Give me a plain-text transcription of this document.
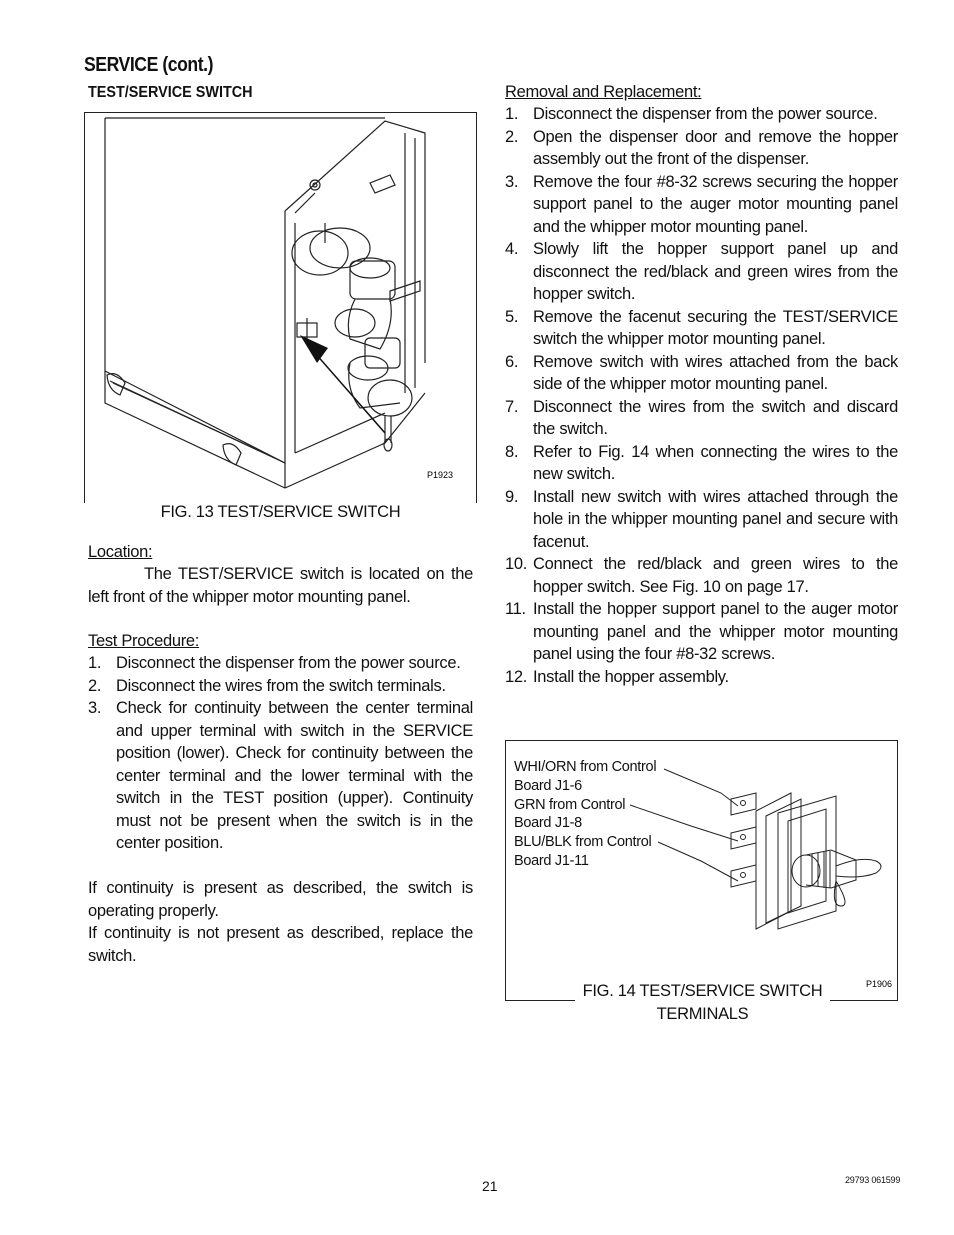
SERVICE (cont.)
TEST/SERVICE SWITCH
P1923
FIG. 13 TEST/SERVICE SWITCH
Location:
The TEST/SERVICE switch is located on the left front of the whipper motor mounting panel.
Test Procedure:
1. Disconnect the dispenser from the power source.
2. Disconnect the wires from the switch terminals.
3. Check for continuity between the center terminal and upper terminal with switch in the SERVICE position (lower). Check for continuity between the center terminal and the lower terminal with the switch in the TEST position (upper). Continuity must not be present when the switch is in the center position.
If continuity is present as described, the switch is operating properly.
If continuity is not present as described, replace the switch.
Removal and Replacement:
1. Disconnect the dispenser from the power source.
2. Open the dispenser door and remove the hopper assembly out the front of the dispenser.
3. Remove the four #8-32 screws securing the hopper support panel to the auger motor mounting panel and the whipper motor mounting panel.
4. Slowly lift the hopper support panel up and disconnect the red/black and green wires from the hopper switch.
5. Remove the facenut securing the TEST/SERVICE switch the whipper motor mounting panel.
6. Remove switch with wires attached from the back side of the whipper motor mounting panel.
7. Disconnect the wires from the switch and discard the switch.
8. Refer to Fig. 14 when connecting the wires to the new switch.
9. Install new switch with wires attached through the hole in the whipper mounting panel and secure with facenut.
10. Connect the red/black and green wires to the hopper switch. See Fig. 10 on page 17.
11. Install the hopper support panel to the auger motor mounting panel and the whipper motor mounting panel using the four #8-32 screws.
12. Install the hopper assembly.
P1906
WHI/ORN from Control
Board J1-6
GRN from Control
Board J1-8
BLU/BLK from Control
Board J1-11
FIG. 14 TEST/SERVICE SWITCH
TERMINALS
21	29793 061599
